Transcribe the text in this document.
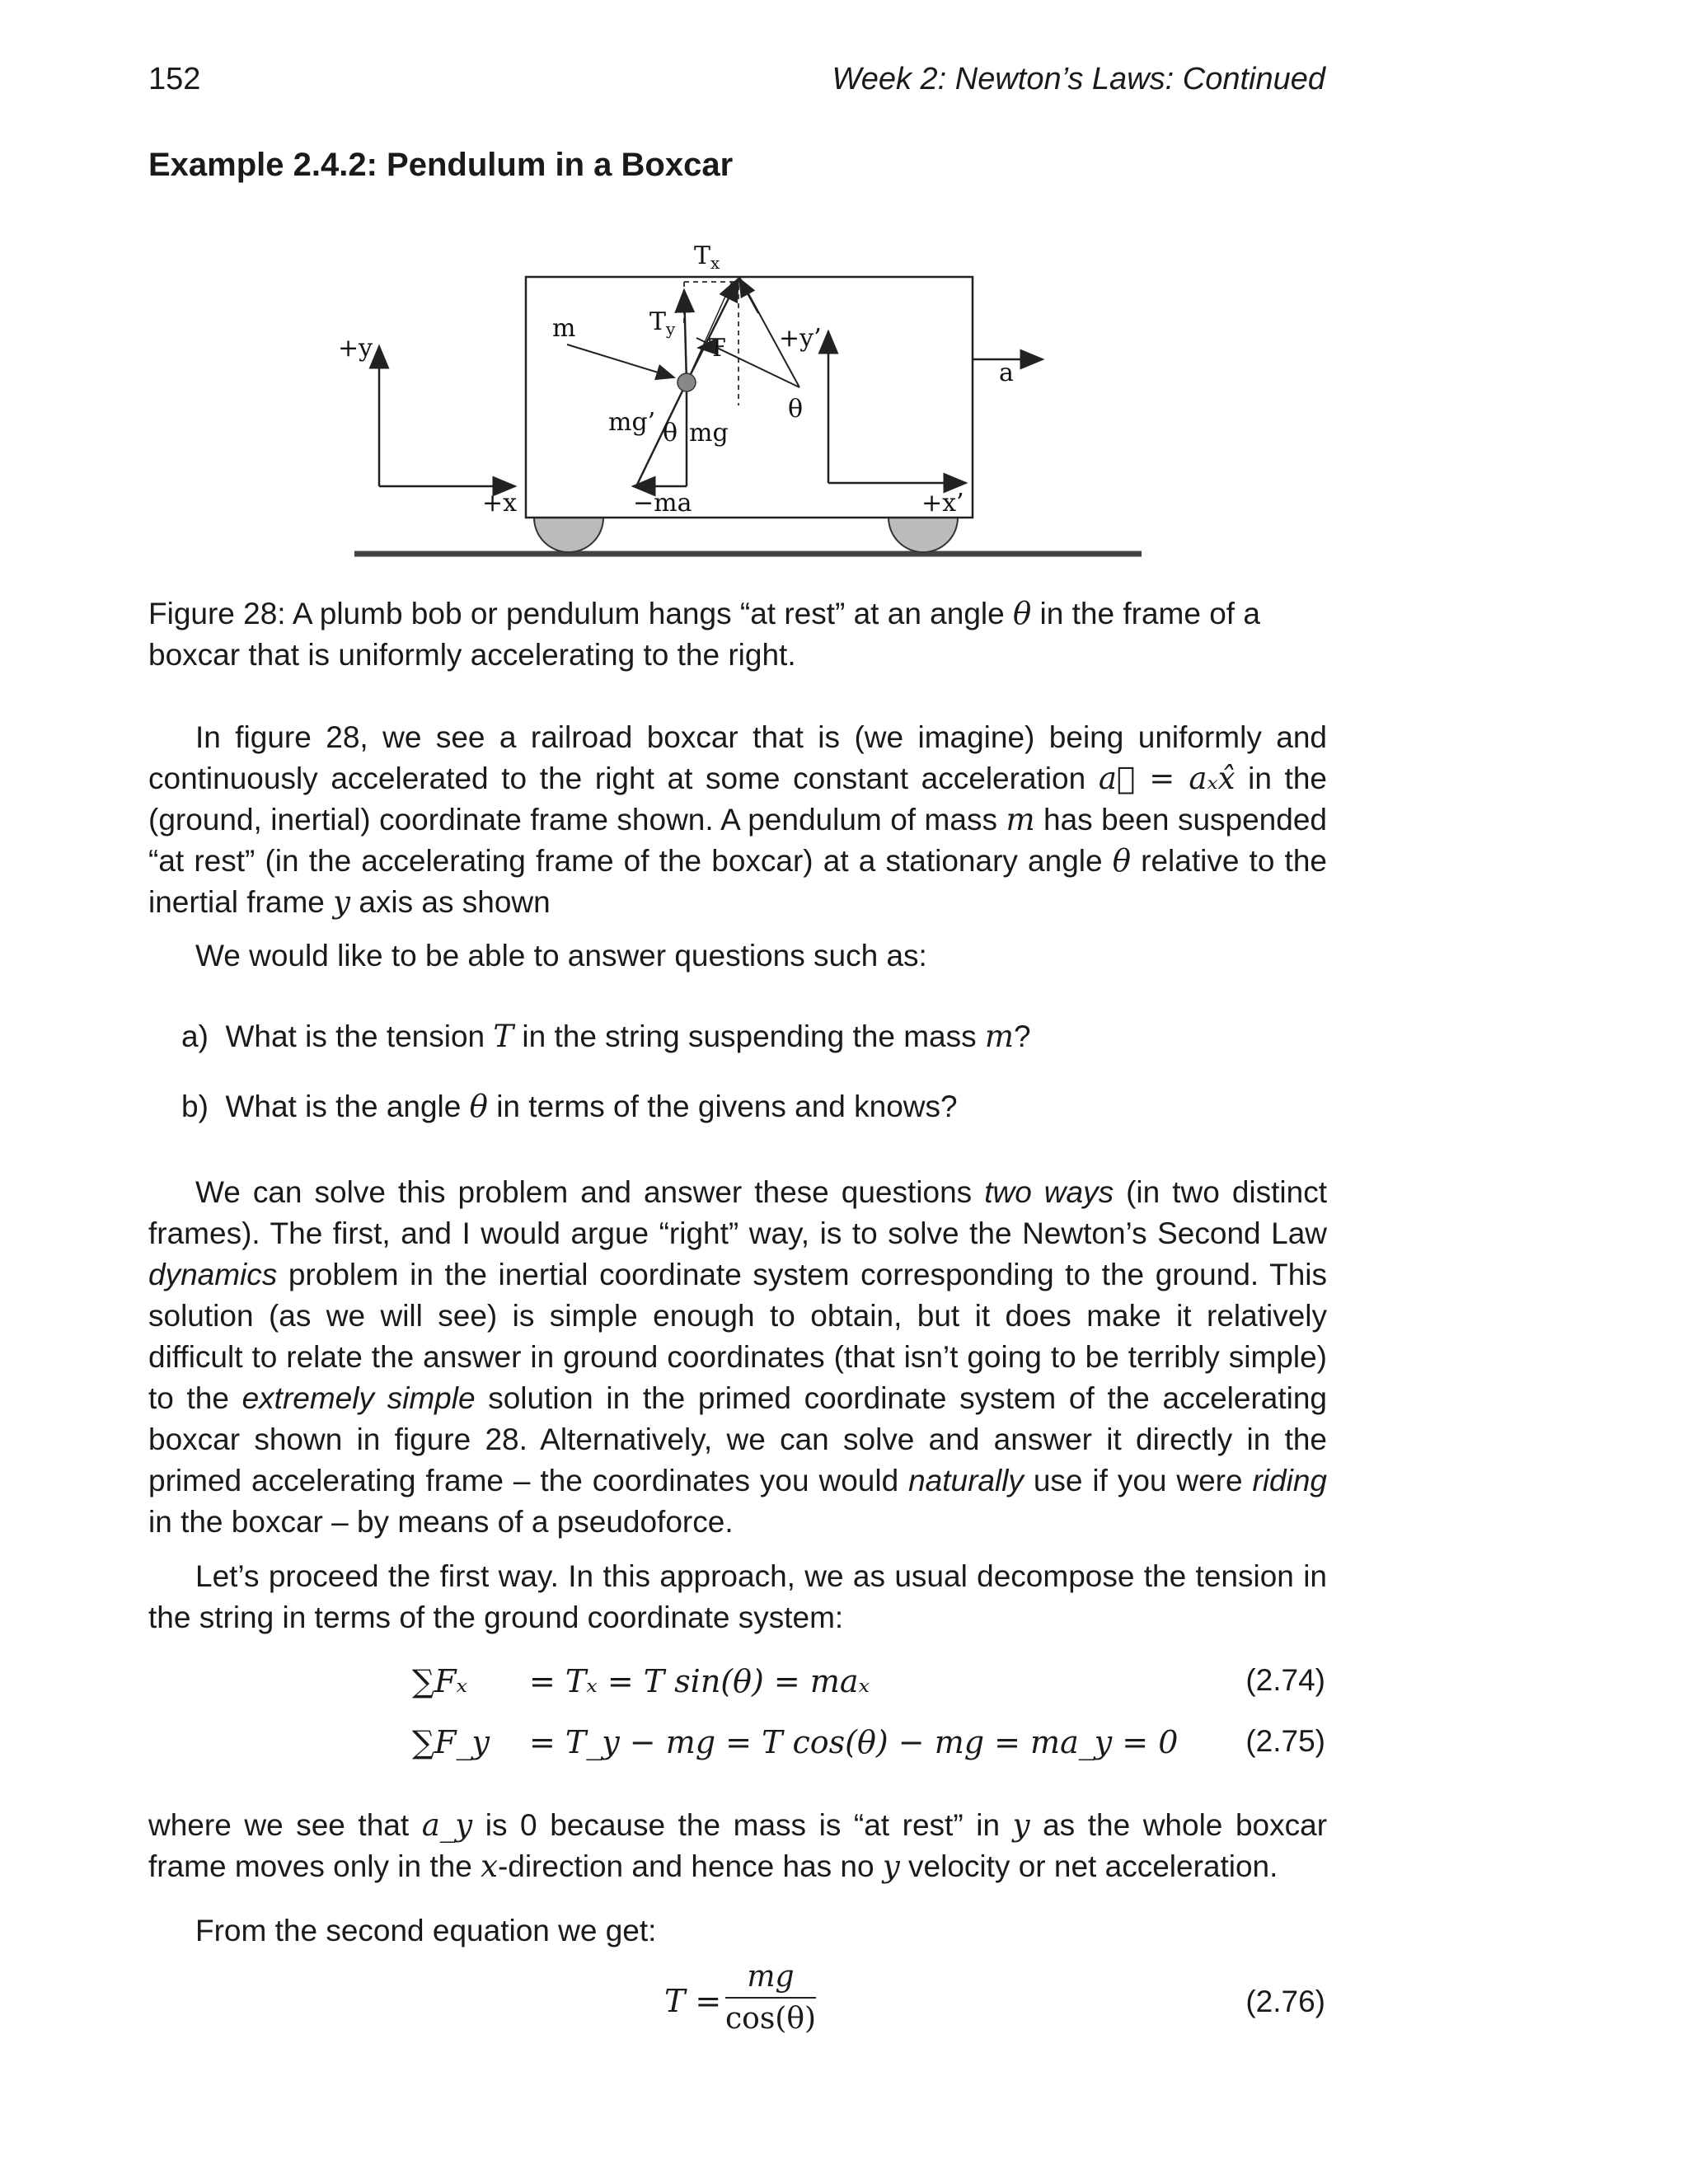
152	Week 2: Newton’s Laws: Continued
Example 2.4.2: Pendulum in a Boxcar
$T_x$
$T_y$
T
m
+y	+y’
a
θ
mg’ θ mg
+x	−ma	+x’
Figure 28: A plumb bob or pendulum hangs “at rest” at an angle θ in the frame of a boxcar that is uniformly accelerating to the right.
In figure 28, we see a railroad boxcar that is (we imagine) being uniformly and continuously accelerated to the right at some constant acceleration a⃗ = aₓx̂ in the (ground, inertial) coordinate frame shown. A pendulum of mass m has been suspended “at rest” (in the accelerating frame of the boxcar) at a stationary angle θ relative to the inertial frame y axis as shown
We would like to be able to answer questions such as:
a) What is the tension T in the string suspending the mass m?
b) What is the angle θ in terms of the givens and knows?
We can solve this problem and answer these questions two ways (in two distinct frames). The first, and I would argue “right” way, is to solve the Newton’s Second Law dynamics problem in the inertial coordinate system corresponding to the ground. This solution (as we will see) is simple enough to obtain, but it does make it relatively difficult to relate the answer in ground coordinates (that isn’t going to be terribly simple) to the extremely simple solution in the primed coordinate system of the accelerating boxcar shown in figure 28. Alternatively, we can solve and answer it directly in the primed accelerating frame – the coordinates you would naturally use if you were riding in the boxcar – by means of a pseudoforce.
Let’s proceed the first way. In this approach, we as usual decompose the tension in the string in terms of the ground coordinate system:
∑Fₓ = Tₓ = T sin(θ) = maₓ	(2.74)
∑F_y = T_y − mg = T cos(θ) − mg = ma_y = 0 (2.75)
where we see that a_y is 0 because the mass is “at rest” in y as the whole boxcar frame moves only in the x-direction and hence has no y velocity or net acceleration.
From the second equation we get:
$T = \frac{mg}{\cos(\theta)}$	(2.76)
